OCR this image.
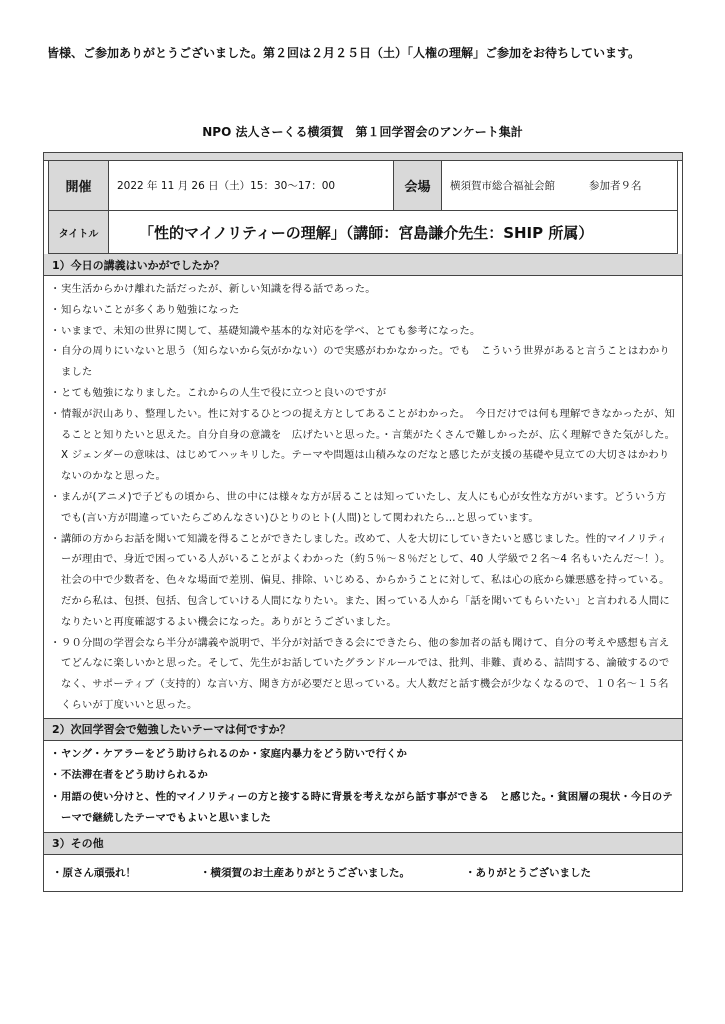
皆様、ご参加ありがとうございました。第２回は２月２５日（土）「人権の理解」ご参加をお待ちしています。
NPO 法人さーくる横須賀　第１回学習会のアンケート集計
開催	2022 年 11 月 26 日（土）15：30〜17：00	会場	横須賀市総合福祉会館	参加者９名
タイトル	「性的マイノリティーの理解」（講師：宮島謙介先生：SHIP 所属）
1）今日の講義はいかがでしたか？
・ 実生活からかけ離れた話だったが、新しい知識を得る話であった。
・ 知らないことが多くあり勉強になった
・ いままで、未知の世界に関して、基礎知識や基本的な対応を学べ、とても参考になった。
・ 自分の周りにいないと思う（知らないから気がかない）ので実感がわかなかった。でも　こういう世界があると言うことはわかりました
・ とても勉強になりました。これからの人生で役に立つと良いのですが
・ 情報が沢山あり、整理したい。性に対するひとつの捉え方としてあることがわかった。　今日だけでは何も理解できなかったが、知ることと知りたいと思えた。自分自身の意識を　広げたいと思った。・言葉がたくさんで難しかったが、広く理解できた気がした。X ジェンダーの意味は、はじめてハッキリした。テーマや問題は山積みなのだなと感じたが支援の基礎や見立ての大切さはかわりないのかなと思った。
・ まんが(アニメ)で子どもの頃から、世の中には様々な方が居ることは知っていたし、友人にも心が女性な方がいます。どういう方でも(言い方が間違っていたらごめんなさい)ひとりのヒト(人間)として関われたら…と思っています。
・ 講師の方からお話を聞いて知識を得ることができたしました。改めて、人を大切にしていきたいと感じました。性的マイノリティーが理由で、身近で困っている人がいることがよくわかった（約５％〜８％だとして、40 人学級で２名〜4 名もいたんだ〜！）。社会の中で少数者を、色々な場面で差別、偏見、排除、いじめる、からかうことに対して、私は心の底から嫌悪感を持っている。だから私は、包摂、包括、包含していける人間になりたい。また、困っている人から「話を聞いてもらいたい」と言われる人間になりたいと再度確認するよい機会になった。ありがとうございました。
・ ９０分間の学習会なら半分が講義や説明で、半分が対話できる会にできたら、他の参加者の話も聞けて、自分の考えや感想も言えてどんなに楽しいかと思った。そして、先生がお話していたグランドルールでは、批判、非難、責める、詰問する、論破するのでなく、サポーティブ（支持的）な言い方、聞き方が必要だと思っている。大人数だと話す機会が少なくなるので、１０名〜１５名くらいが丁度いいと思った。
2）次回学習会で勉強したいテーマは何ですか？
・ ヤング・ケアラーをどう助けられるのか・家庭内暴力をどう防いで行くか
・ 不法滞在者をどう助けられるか
・ 用語の使い分けと、性的マイノリティーの方と接する時に背景を考えながら話す事ができる　と感じた。・貧困層の現状・今日のテーマで継続したテーマでもよいと思いました
3）その他
・原さん頑張れ！	・横須賀のお土産ありがとうございました。	・ありがとうございました
